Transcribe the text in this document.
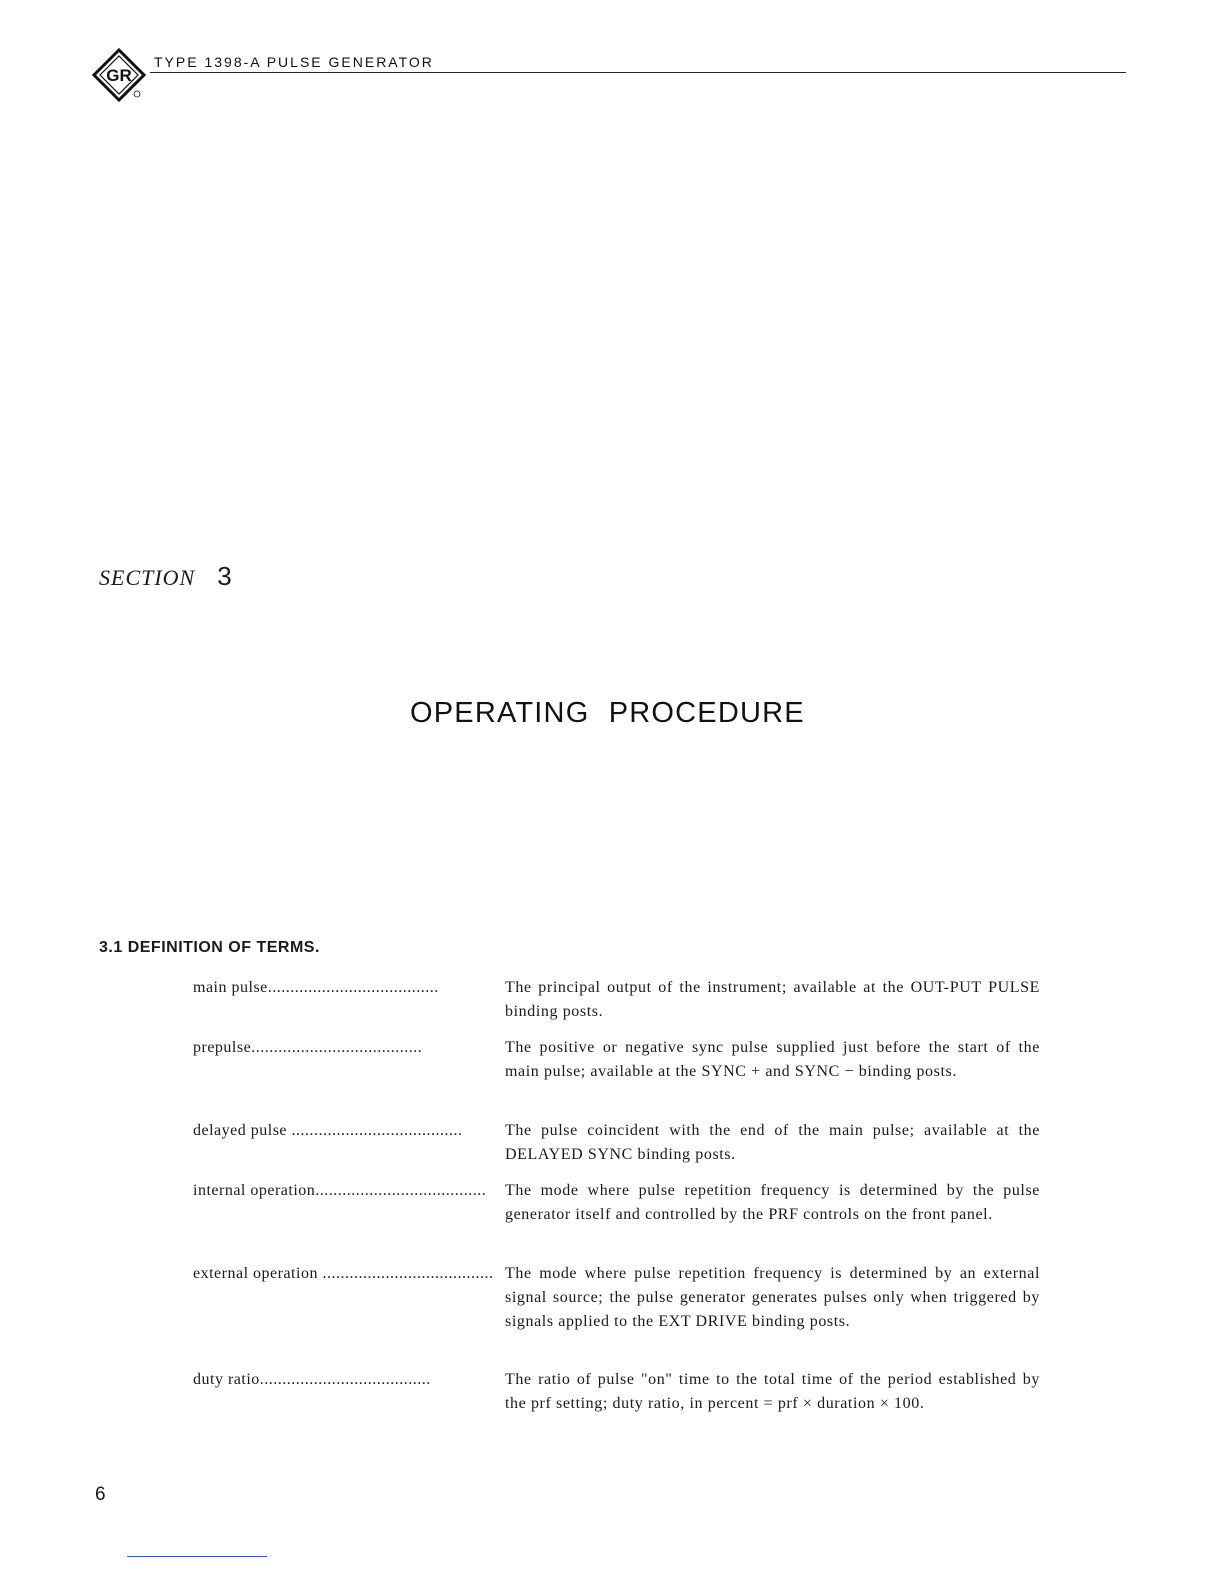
GR
TYPE 1398-A PULSE GENERATOR
SECTION 3
OPERATING PROCEDURE
3.1 DEFINITION OF TERMS.
main pulse......................................	The principal output of the instrument; available at the OUT-PUT PULSE binding posts.
prepulse......................................	The positive or negative sync pulse supplied just before the start of the main pulse; available at the SYNC + and SYNC − binding posts.
delayed pulse ......................................	The pulse coincident with the end of the main pulse; available at the DELAYED SYNC binding posts.
internal operation......................................	The mode where pulse repetition frequency is determined by the pulse generator itself and controlled by the PRF controls on the front panel.
external operation ...................................... The mode where pulse repetition frequency is determined by an external signal source; the pulse generator generates pulses only when triggered by signals applied to the EXT DRIVE binding posts.
duty ratio......................................	The ratio of pulse "on" time to the total time of the period established by the prf setting; duty ratio, in percent = prf × duration × 100.
6
